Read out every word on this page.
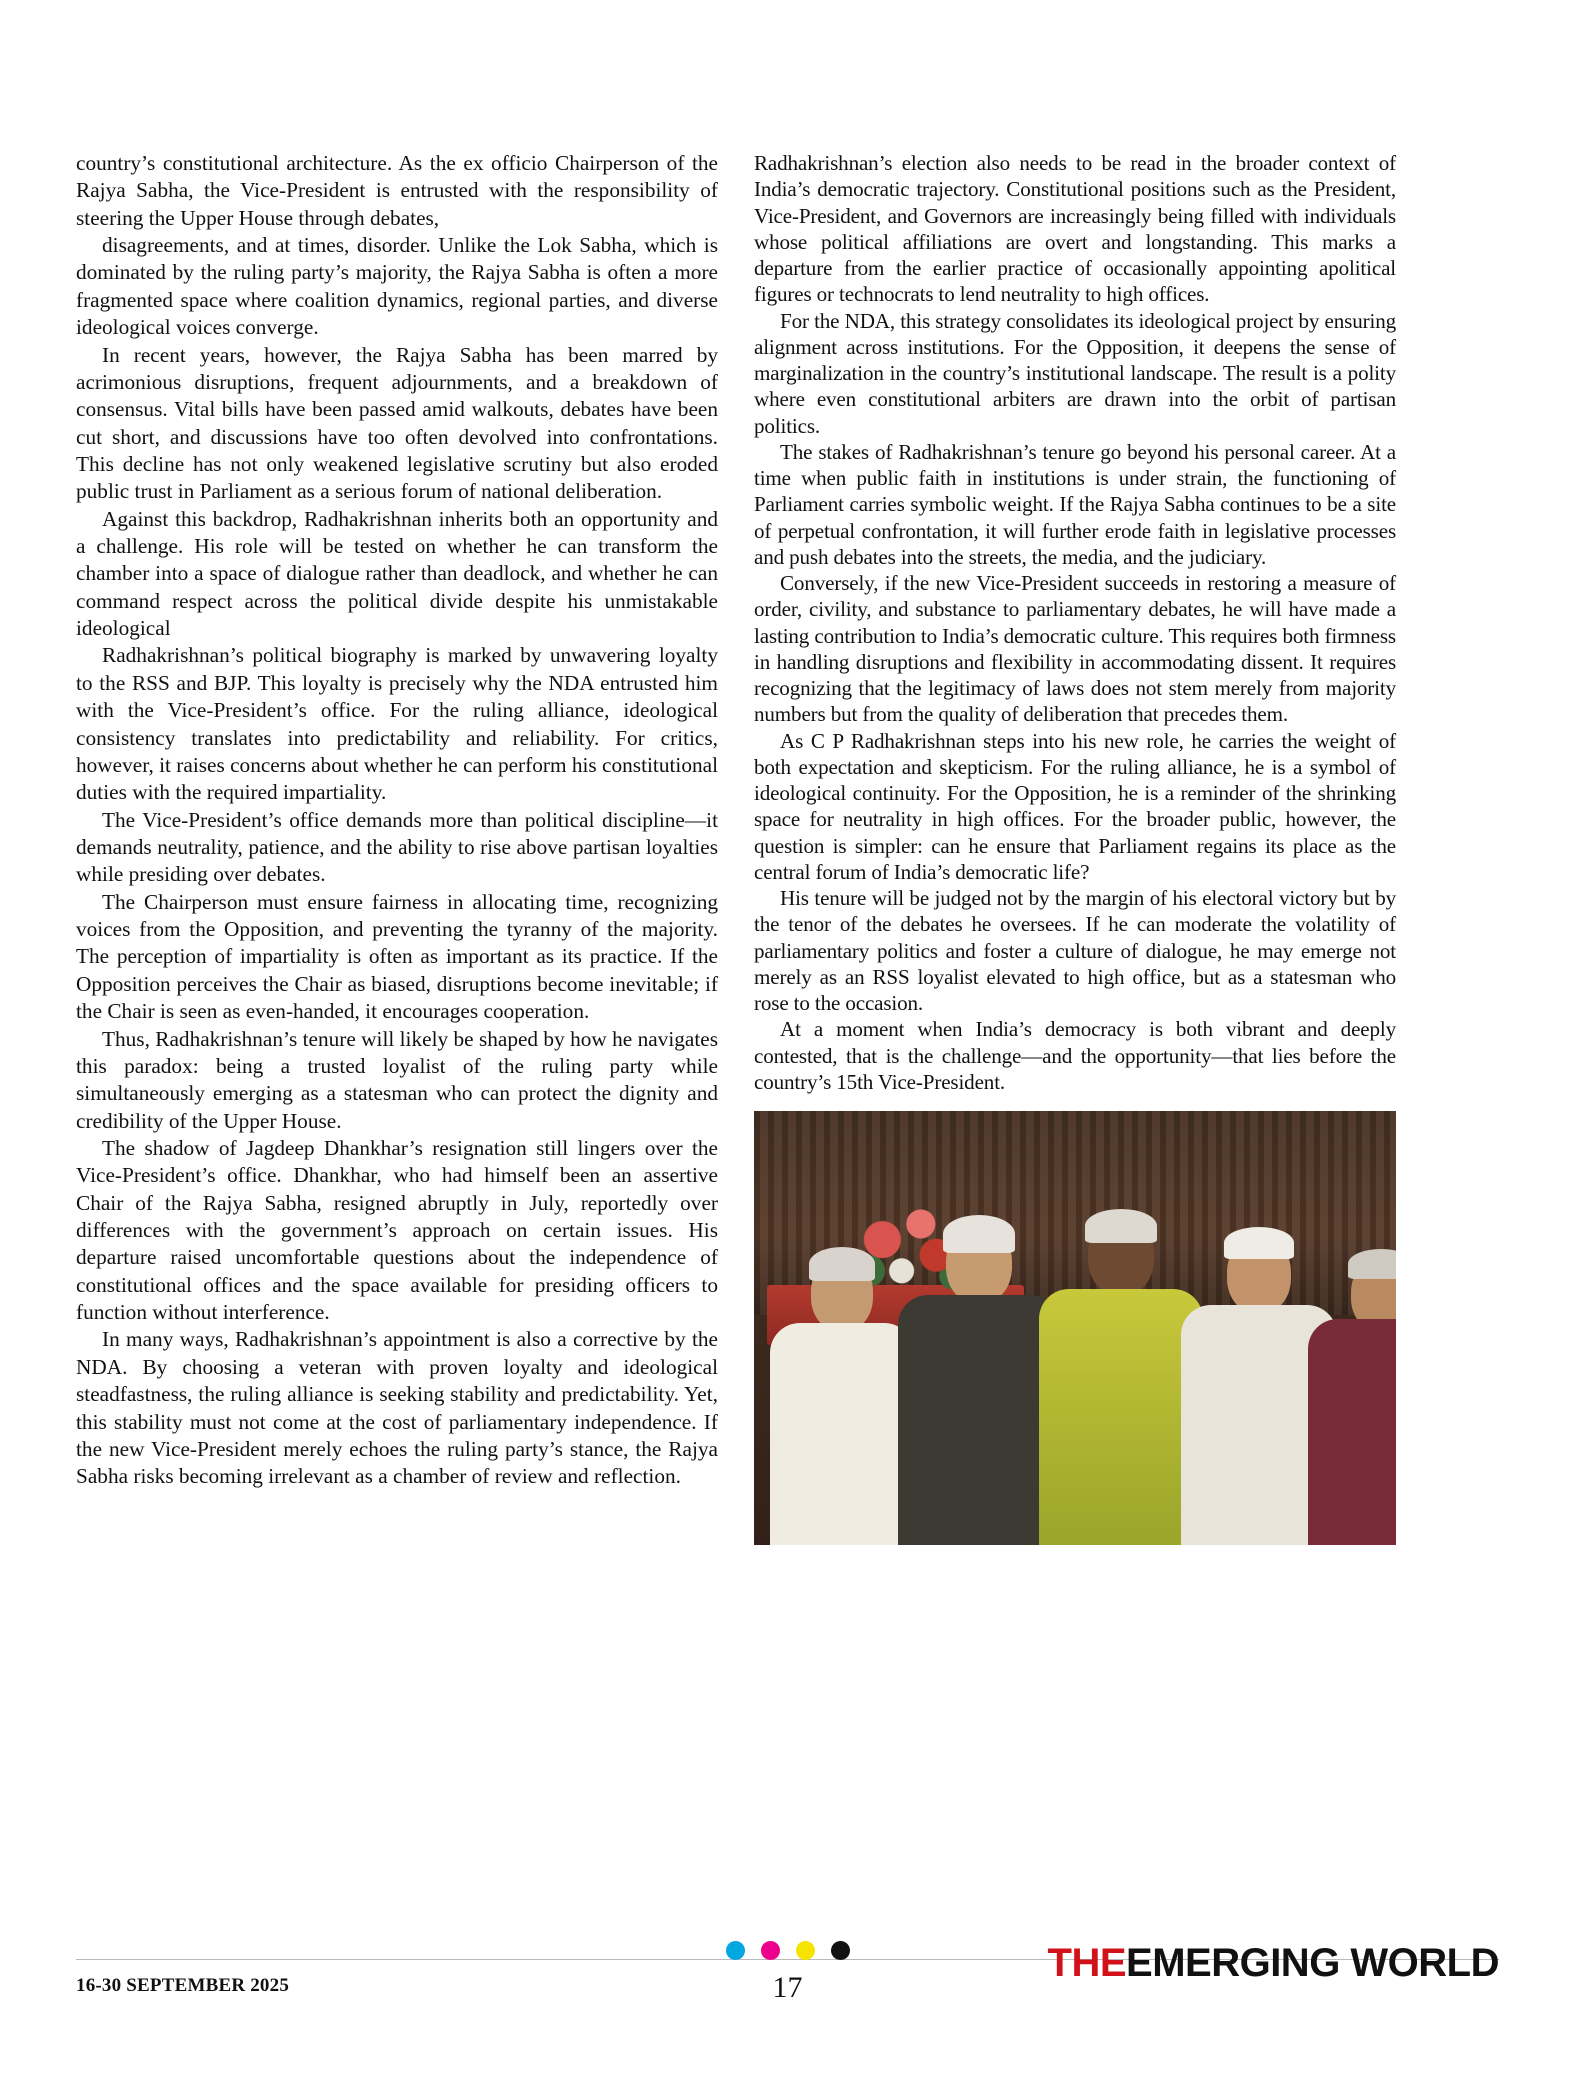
country’s constitutional architecture. As the ex officio Chairperson of the Rajya Sabha, the Vice-President is entrusted with the responsibility of steering the Upper House through debates,

disagreements, and at times, disorder. Unlike the Lok Sabha, which is dominated by the ruling party’s majority, the Rajya Sabha is often a more fragmented space where coalition dynamics, regional parties, and diverse ideological voices converge.

In recent years, however, the Rajya Sabha has been marred by acrimonious disruptions, frequent adjournments, and a breakdown of consensus. Vital bills have been passed amid walkouts, debates have been cut short, and discussions have too often devolved into confrontations. This decline has not only weakened legislative scrutiny but also eroded public trust in Parliament as a serious forum of national deliberation.

Against this backdrop, Radhakrishnan inherits both an opportunity and a challenge. His role will be tested on whether he can transform the chamber into a space of dialogue rather than deadlock, and whether he can command respect across the political divide despite his unmistakable ideological

Radhakrishnan’s political biography is marked by unwavering loyalty to the RSS and BJP. This loyalty is precisely why the NDA entrusted him with the Vice-President’s office. For the ruling alliance, ideological consistency translates into predictability and reliability. For critics, however, it raises concerns about whether he can perform his constitutional duties with the required impartiality.

The Vice-President’s office demands more than political discipline—it demands neutrality, patience, and the ability to rise above partisan loyalties while presiding over debates.

The Chairperson must ensure fairness in allocating time, recognizing voices from the Opposition, and preventing the tyranny of the majority. The perception of impartiality is often as important as its practice. If the Opposition perceives the Chair as biased, disruptions become inevitable; if the Chair is seen as even-handed, it encourages cooperation.

Thus, Radhakrishnan’s tenure will likely be shaped by how he navigates this paradox: being a trusted loyalist of the ruling party while simultaneously emerging as a statesman who can protect the dignity and credibility of the Upper House.

The shadow of Jagdeep Dhankhar’s resignation still lingers over the Vice-President’s office. Dhankhar, who had himself been an assertive Chair of the Rajya Sabha, resigned abruptly in July, reportedly over differences with the government’s approach on certain issues. His departure raised uncomfortable questions about the independence of constitutional offices and the space available for presiding officers to function without interference.

In many ways, Radhakrishnan’s appointment is also a corrective by the NDA. By choosing a veteran with proven loyalty and ideological steadfastness, the ruling alliance is seeking stability and predictability. Yet, this stability must not come at the cost of parliamentary independence. If the new Vice-President merely echoes the ruling party’s stance, the Rajya Sabha risks becoming irrelevant as a chamber of review and reflection.

Radhakrishnan’s election also needs to be read in the broader context of India’s democratic trajectory. Constitutional positions such as the President, Vice-President, and Governors are increasingly being filled with individuals whose political affiliations are overt and longstanding. This marks a departure from the earlier practice of occasionally appointing apolitical figures or technocrats to lend neutrality to high offices.

For the NDA, this strategy consolidates its ideological project by ensuring alignment across institutions. For the Opposition, it deepens the sense of marginalization in the country’s institutional landscape. The result is a polity where even constitutional arbiters are drawn into the orbit of partisan politics.

The stakes of Radhakrishnan’s tenure go beyond his personal career. At a time when public faith in institutions is under strain, the functioning of Parliament carries symbolic weight. If the Rajya Sabha continues to be a site of perpetual confrontation, it will further erode faith in legislative processes and push debates into the streets, the media, and the judiciary.

Conversely, if the new Vice-President succeeds in restoring a measure of order, civility, and substance to parliamentary debates, he will have made a lasting contribution to India’s democratic culture. This requires both firmness in handling disruptions and flexibility in accommodating dissent. It requires recognizing that the legitimacy of laws does not stem merely from majority numbers but from the quality of deliberation that precedes them.

As C P Radhakrishnan steps into his new role, he carries the weight of both expectation and skepticism. For the ruling alliance, he is a symbol of ideological continuity. For the Opposition, he is a reminder of the shrinking space for neutrality in high offices. For the broader public, however, the question is simpler: can he ensure that Parliament regains its place as the central forum of India’s democratic life?

His tenure will be judged not by the margin of his electoral victory but by the tenor of the debates he oversees. If he can moderate the volatility of parliamentary politics and foster a culture of dialogue, he may emerge not merely as an RSS loyalist elevated to high office, but as a statesman who rose to the occasion.

At a moment when India’s democracy is both vibrant and deeply contested, that is the challenge—and the opportunity—that lies before the country’s 15th Vice-President.

16-30 SEPTEMBER 2025	17
THEEMERGING WORLD
